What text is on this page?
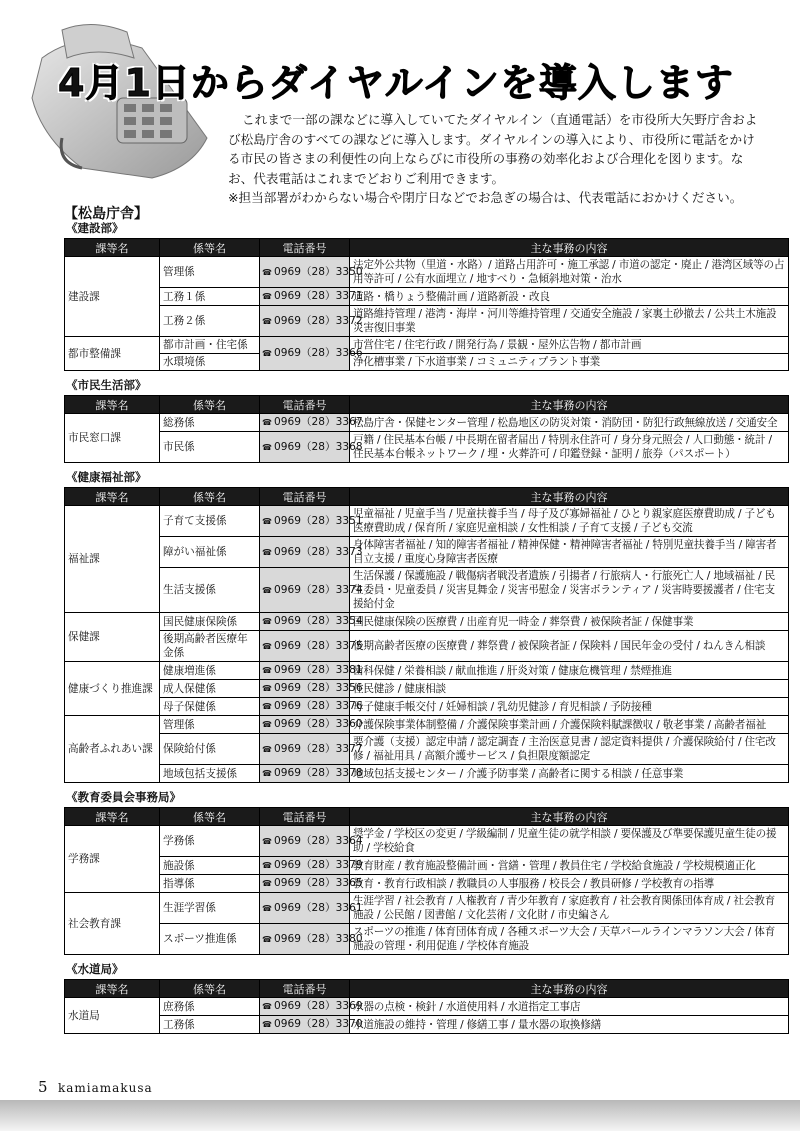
4月1日からダイヤルインを導入します

これまで一部の課などに導入していてたダイヤルイン（直通電話）を市役所大矢野庁舎および松島庁舎のすべての課などに導入します。ダイヤルインの導入により、市役所に電話をかける市民の皆さまの利便性の向上ならびに市役所の事務の効率化および合理化を図ります。なお、代表電話はこれまでどおりご利用できます。

※担当部署がわからない場合や閉庁日などでお急ぎの場合は、代表電話におかけください。

【松島庁舎】
《建設部》
課等名	係等名	電話番号	主な事務の内容
建設課	管理係	☎ 0969（28）3350	法定外公共物（里道・水路）/ 道路占用許可・施工承認 / 市道の認定・廃止 / 港湾区域等の占用等許可 / 公有水面埋立 / 地すべり・急傾斜地対策・治水
	工務１係	☎ 0969（28）3371	道路・橋りょう整備計画 / 道路新設・改良
	工務２係	☎ 0969（28）3372	道路維持管理 / 港湾・海岸・河川等維持管理 / 交通安全施設 / 家裏土砂撤去 / 公共土木施設災害復旧事業
都市整備課	都市計画・住宅係	☎ 0969（28）3366	市営住宅 / 住宅行政 / 開発行為 / 景観・屋外広告物 / 都市計画
	水環境係		浄化槽事業 / 下水道事業 / コミュニティプラント事業
《市民生活部》
課等名	係等名	電話番号	主な事務の内容
市民窓口課	総務係	☎ 0969（28）3367	松島庁舎・保健センター管理 / 松島地区の防災対策・消防団・防犯行政無線放送 / 交通安全
	市民係	☎ 0969（28）3368	戸籍 / 住民基本台帳 / 中長期在留者届出 / 特別永住許可 / 身分身元照会 / 人口動態・統計 / 住民基本台帳ネットワーク / 埋・火葬許可 / 印鑑登録・証明 / 旅券（パスポート）
《健康福祉部》
課等名	係等名	電話番号	主な事務の内容
福祉課	子育て支援係	☎ 0969（28）3351	児童福祉 / 児童手当 / 児童扶養手当 / 母子及び寡婦福祉 / ひとり親家庭医療費助成 / 子ども医療費助成 / 保育所 / 家庭児童相談 / 女性相談 / 子育て支援 / 子ども交流
	障がい福祉係	☎ 0969（28）3373	身体障害者福祉 / 知的障害者福祉 / 精神保健・精神障害者福祉 / 特別児童扶養手当 / 障害者自立支援 / 重度心身障害者医療
	生活支援係	☎ 0969（28）3374	生活保護 / 保護施設 / 戦傷病者戦没者遺族 / 引揚者 / 行旅病人・行旅死亡人 / 地域福祉 / 民生委員・児童委員 / 災害見舞金 / 災害弔慰金 / 災害ボランティア / 災害時要援護者 / 住宅支援給付金
保健課	国民健康保険係	☎ 0969（28）3354	国民健康保険の医療費 / 出産育児一時金 / 葬祭費 / 被保険者証 / 保健事業
	後期高齢者医療年金係	☎ 0969（28）3375	後期高齢者医療の医療費 / 葬祭費 / 被保険者証 / 保険料 / 国民年金の受付 / ねんきん相談
健康づくり推進課	健康増進係	☎ 0969（28）3381	歯科保健 / 栄養相談 / 献血推進 / 肝炎対策 / 健康危機管理 / 禁煙推進
	成人保健係	☎ 0969（28）3356	住民健診 / 健康相談
	母子保健係	☎ 0969（28）3376	母子健康手帳交付 / 妊婦相談 / 乳幼児健診 / 育児相談 / 予防接種
高齢者ふれあい課	管理係	☎ 0969（28）3360	介護保険事業体制整備 / 介護保険事業計画 / 介護保険料賦課徴収 / 敬老事業 / 高齢者福祉
	保険給付係	☎ 0969（28）3377	要介護（支援）認定申請 / 認定調査 / 主治医意見書 / 認定資料提供 / 介護保険給付 / 住宅改修 / 福祉用具 / 高額介護サービス / 負担限度額認定
	地域包括支援係	☎ 0969（28）3378	地域包括支援センター / 介護予防事業 / 高齢者に関する相談 / 任意事業
《教育委員会事務局》
課等名	係等名	電話番号	主な事務の内容
学務課	学務係	☎ 0969（28）3364	奨学金 / 学校区の変更 / 学級編制 / 児童生徒の就学相談 / 要保護及び準要保護児童生徒の援助 / 学校給食
	施設係	☎ 0969（28）3379	教育財産 / 教育施設整備計画・営繕・管理 / 教員住宅 / 学校給食施設 / 学校規模適正化
	指導係	☎ 0969（28）3365	教育・教育行政相談 / 教職員の人事服務 / 校長会 / 教員研修 / 学校教育の指導
社会教育課	生涯学習係	☎ 0969（28）3361	生涯学習 / 社会教育 / 人権教育 / 青少年教育 / 家庭教育 / 社会教育関係団体育成 / 社会教育施設 / 公民館 / 図書館 / 文化芸術 / 文化財 / 市史編さん
	スポーツ推進係	☎ 0969（28）3380	スポーツの推進 / 体育団体育成 / 各種スポーツ大会 / 天草パールラインマラソン大会 / 体育施設の管理・利用促進 / 学校体育施設
《水道局》
課等名	係等名	電話番号	主な事務の内容
水道局	庶務係	☎ 0969（28）3369	水器の点検・検針 / 水道使用料 / 水道指定工事店
	工務係	☎ 0969（28）3370	水道施設の維持・管理 / 修繕工事 / 量水器の取換修繕
5 kamiamakusa
